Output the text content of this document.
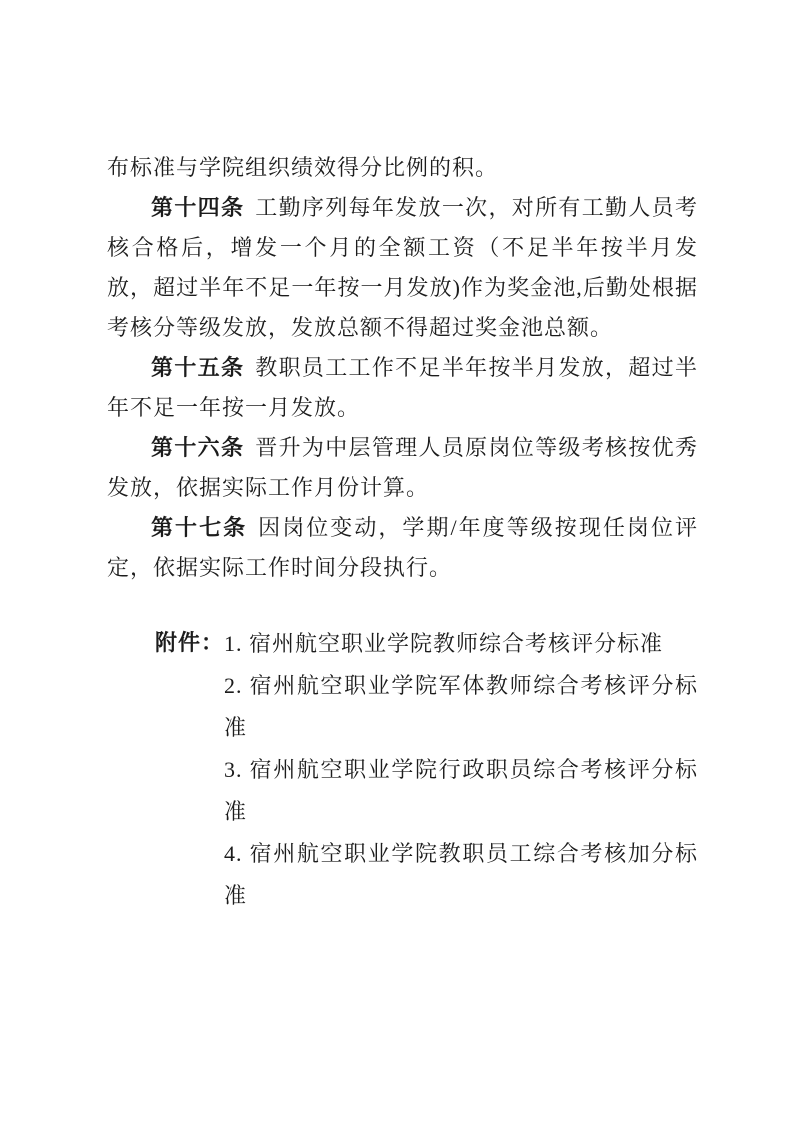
布标准与学院组织绩效得分比例的积。

第十四条 工勤序列每年发放一次，对所有工勤人员考核合格后，增发一个月的全额工资（不足半年按半月发放，超过半年不足一年按一月发放)作为奖金池,后勤处根据考核分等级发放，发放总额不得超过奖金池总额。

第十五条 教职员工工作不足半年按半月发放，超过半年不足一年按一月发放。

第十六条 晋升为中层管理人员原岗位等级考核按优秀发放，依据实际工作月份计算。

第十七条 因岗位变动，学期/年度等级按现任岗位评定，依据实际工作时间分段执行。

附件： 1. 宿州航空职业学院教师综合考核评分标准
2. 宿州航空职业学院军体教师综合考核评分标准
3. 宿州航空职业学院行政职员综合考核评分标准
4. 宿州航空职业学院教职员工综合考核加分标准
